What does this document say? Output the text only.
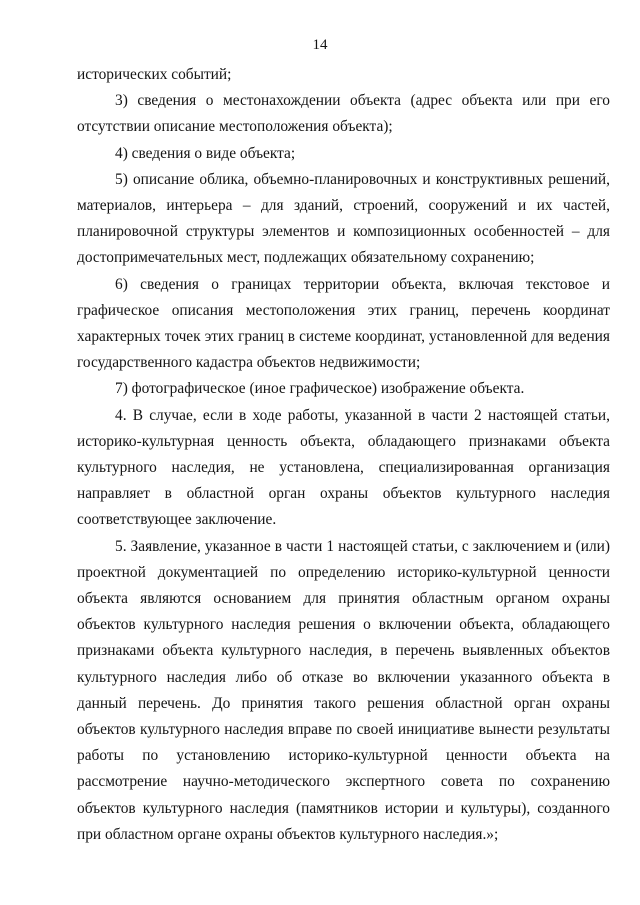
14

исторических событий;

3) сведения о местонахождении объекта (адрес объекта или при его отсутствии описание местоположения объекта);

4) сведения о виде объекта;

5) описание облика, объемно-планировочных и конструктивных решений, материалов, интерьера – для зданий, строений, сооружений и их частей, планировочной структуры элементов и композиционных особенностей – для достопримечательных мест, подлежащих обязательному сохранению;

6) сведения о границах территории объекта, включая текстовое и графическое описания местоположения этих границ, перечень координат характерных точек этих границ в системе координат, установленной для ведения государственного кадастра объектов недвижимости;

7) фотографическое (иное графическое) изображение объекта.

4. В случае, если в ходе работы, указанной в части 2 настоящей статьи, историко-культурная ценность объекта, обладающего признаками объекта культурного наследия, не установлена, специализированная организация направляет в областной орган охраны объектов культурного наследия соответствующее заключение.

5. Заявление, указанное в части 1 настоящей статьи, с заключением и (или) проектной документацией по определению историко-культурной ценности объекта являются основанием для принятия областным органом охраны объектов культурного наследия решения о включении объекта, обладающего признаками объекта культурного наследия, в перечень выявленных объектов культурного наследия либо об отказе во включении указанного объекта в данный перечень. До принятия такого решения областной орган охраны объектов культурного наследия вправе по своей инициативе вынести результаты работы по установлению историко-культурной ценности объекта на рассмотрение научно-методического экспертного совета по сохранению объектов культурного наследия (памятников истории и культуры), созданного при областном органе охраны объектов культурного наследия.»;
